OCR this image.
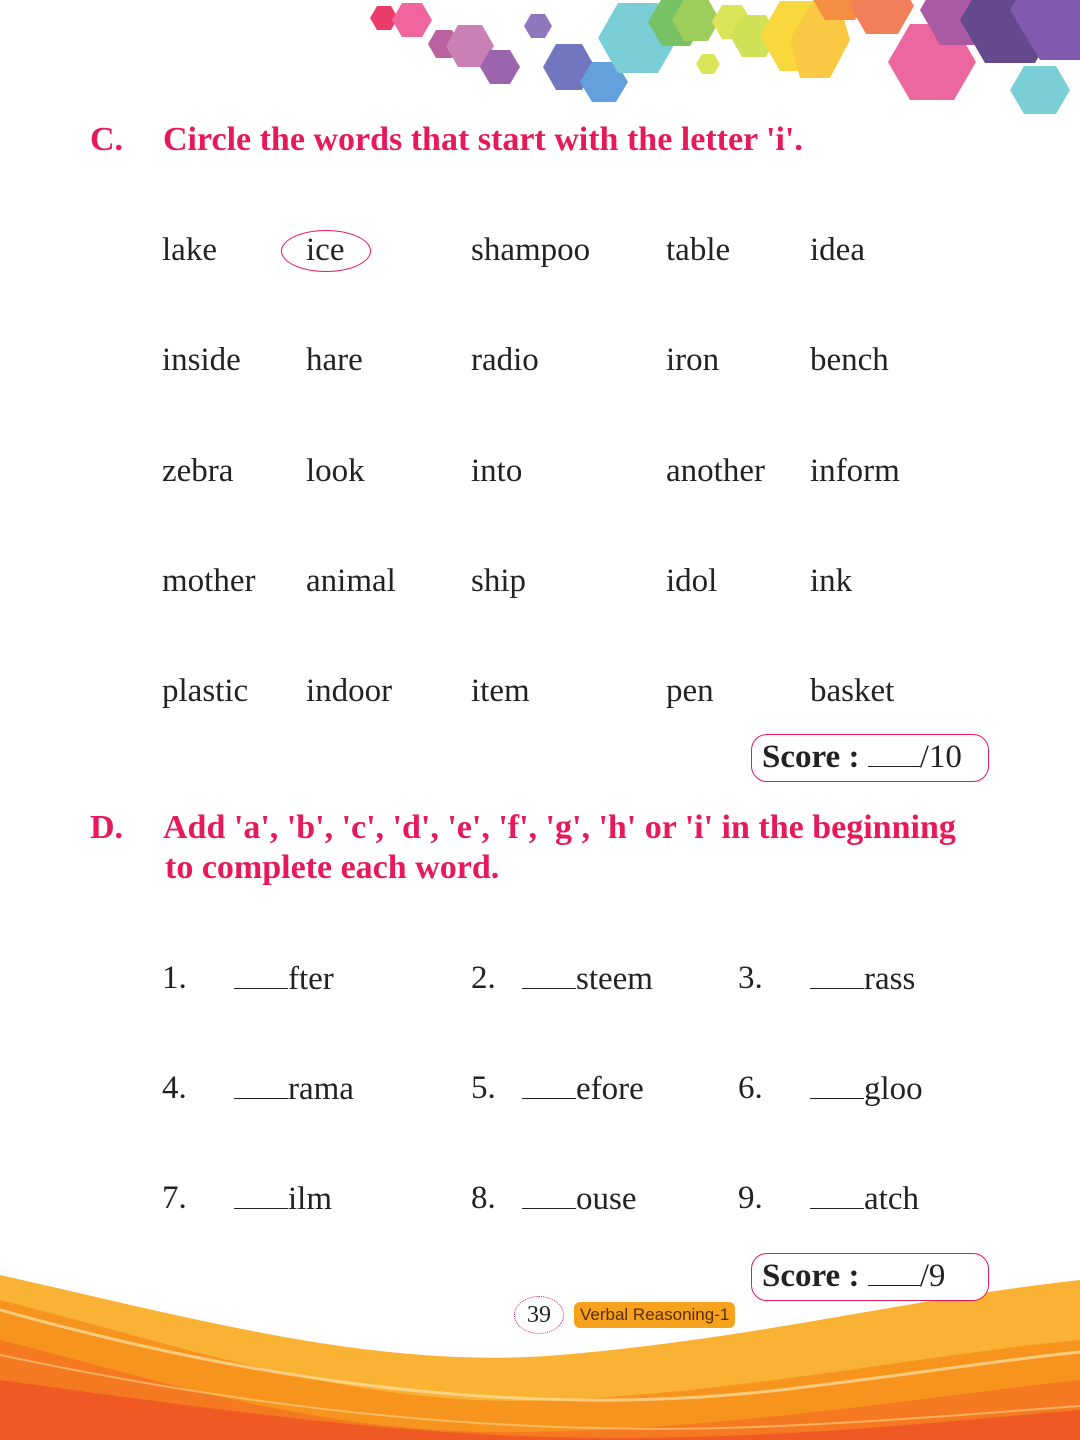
C. Circle the words that start with the letter 'i'.
lake	ice	shampoo table idea
inside hare	radio	iron	bench
zebra look	into	another inform
mother animal ship	idol	ink
plastic indoor item	pen	basket
Score : /10
D. Add 'a', 'b', 'c', 'd', 'e', 'f', 'g', 'h' or 'i' in the beginning
to complete each word.
1.	fter	2.	steem	3.	rass
4.	rama	5.	efore	6.	gloo
7.	ilm	8.	ouse	9.	atch
Score : /9
39	Verbal Reasoning-1
